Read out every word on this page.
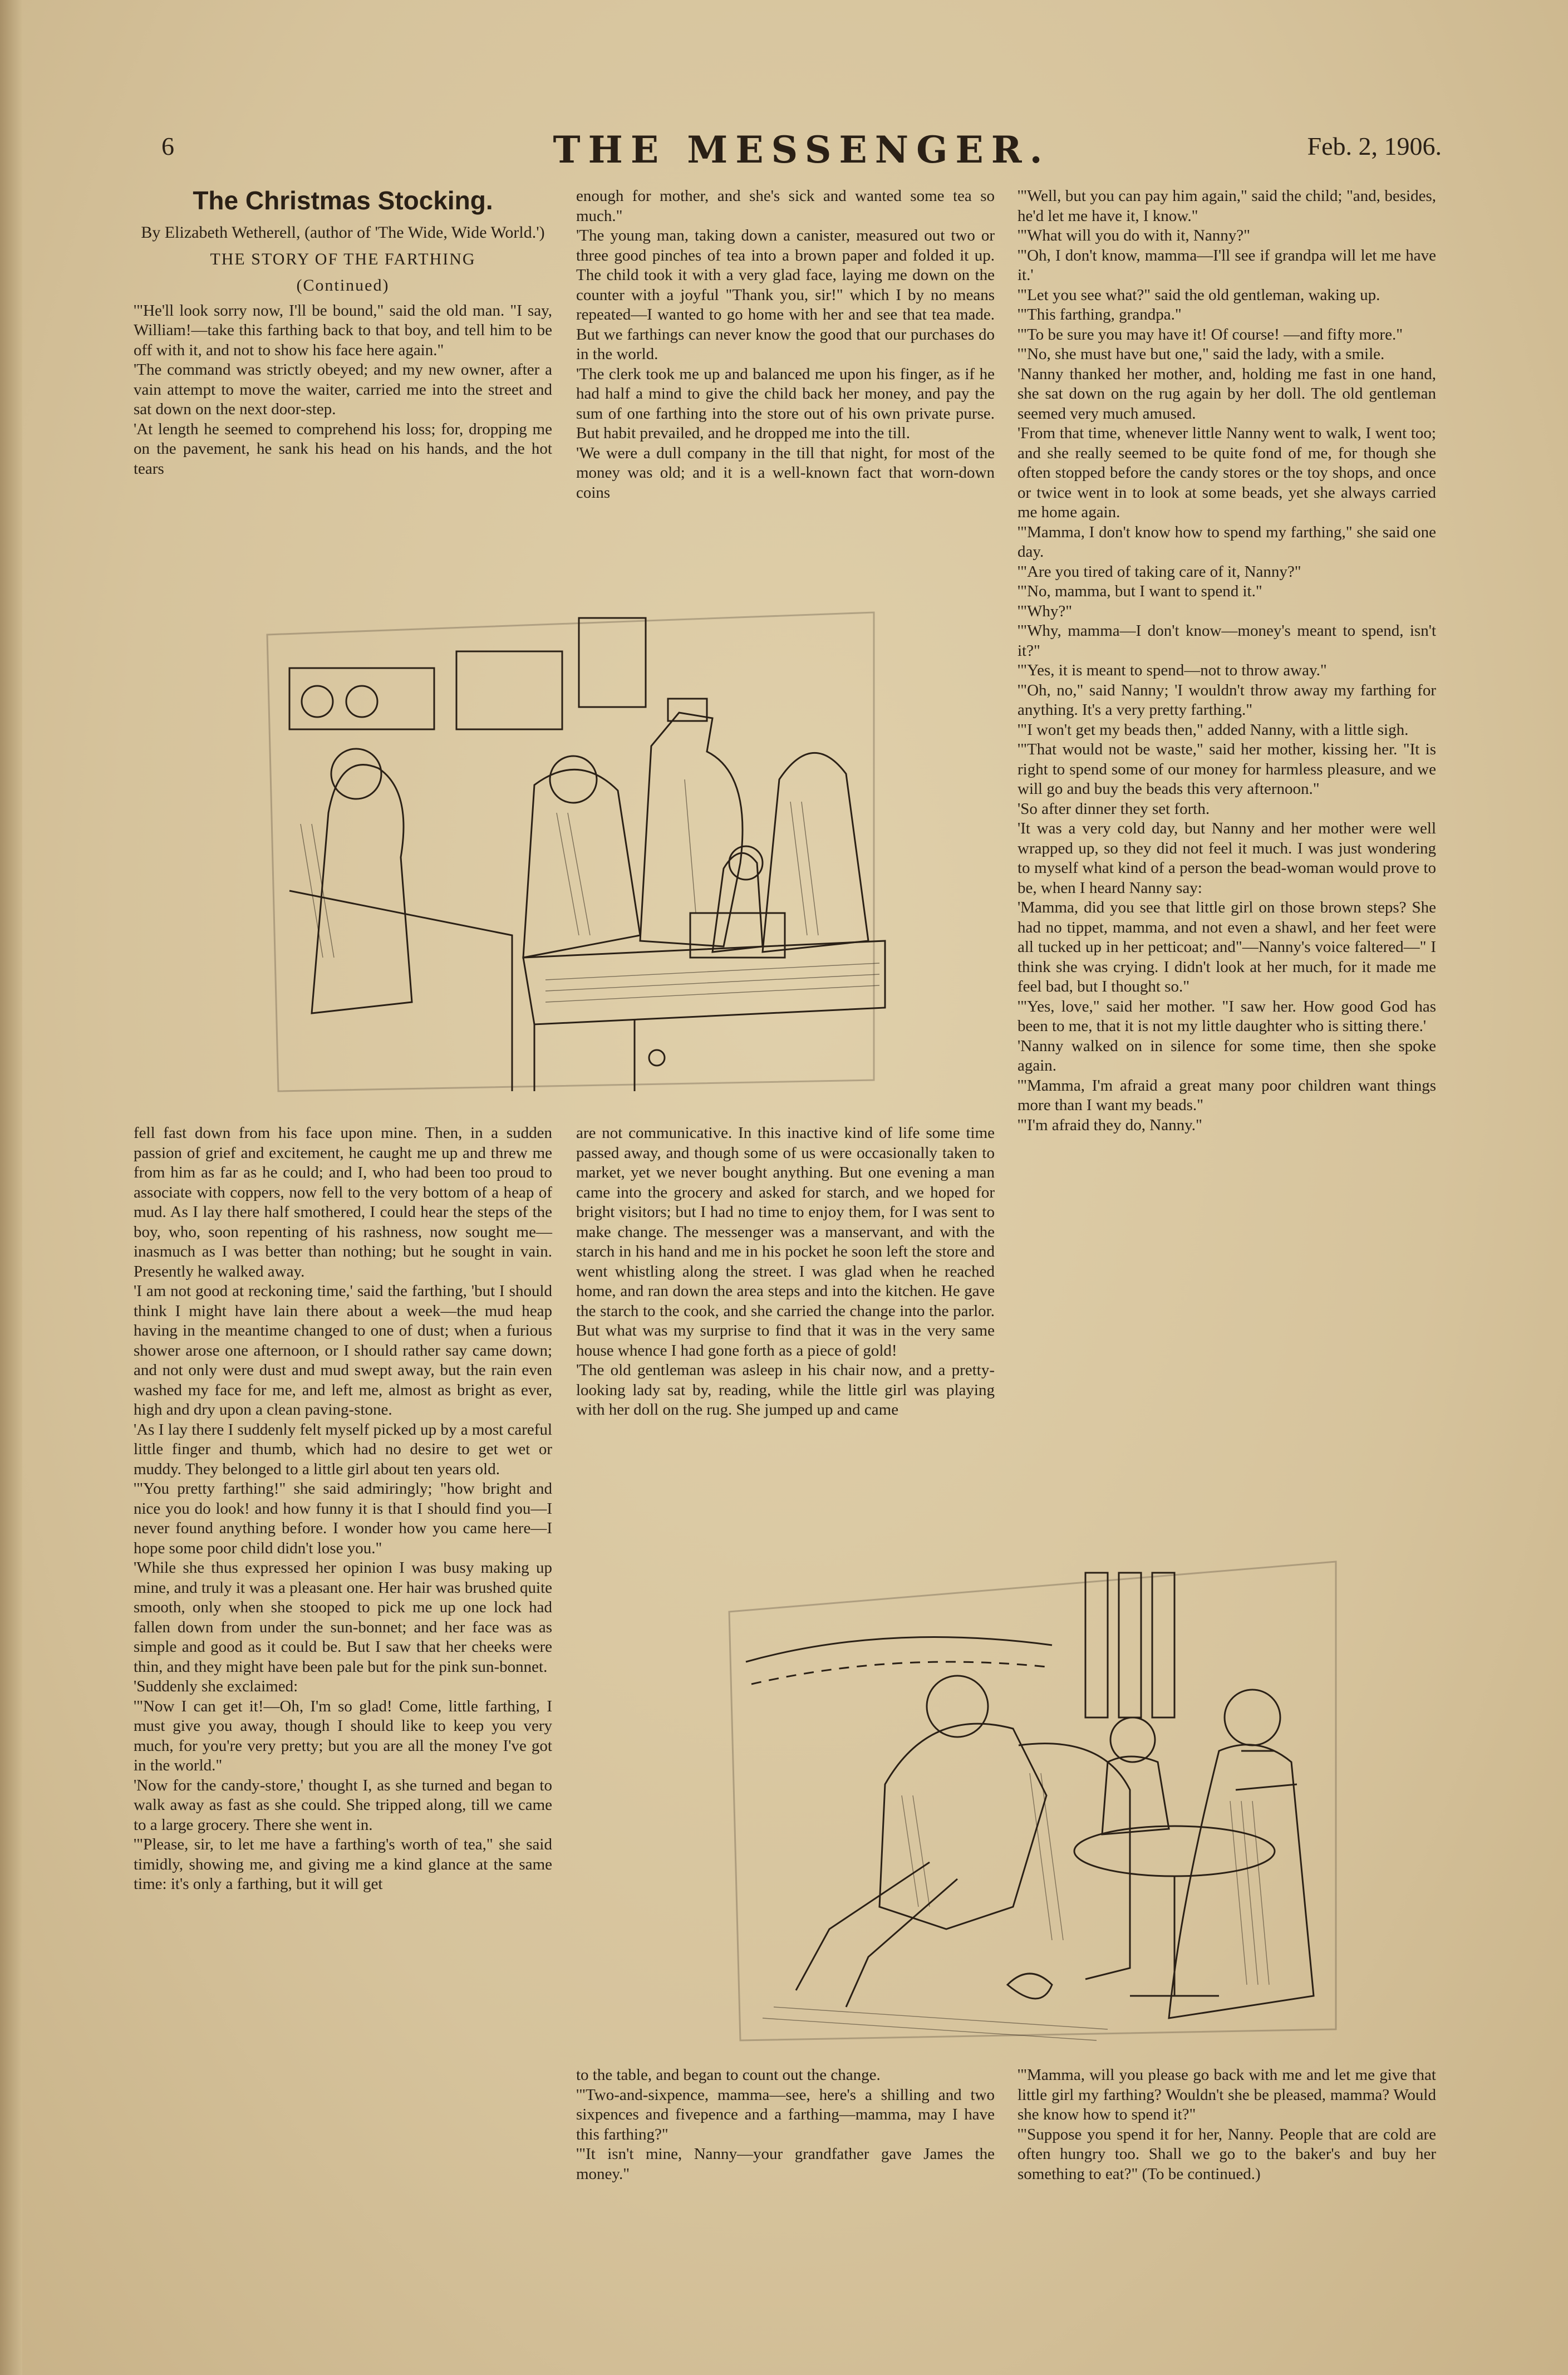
6	THE MESSENGER.	Feb. 2, 1906.

The Christmas Stocking.

By Elizabeth Wetherell, (author of 'The Wide, Wide World.')

THE STORY OF THE FARTHING

(Continued)

'"He'll look sorry now, I'll be bound," said the old man. "I say, William!—take this farthing back to that boy, and tell him to be off with it, and not to show his face here again."

'The command was strictly obeyed; and my new owner, after a vain attempt to move the waiter, carried me into the street and sat down on the next door-step.

'At length he seemed to comprehend his loss; for, dropping me on the pavement, he sank his head on his hands, and the hot tears

enough for mother, and she's sick and wanted some tea so much."

'The young man, taking down a canister, measured out two or three good pinches of tea into a brown paper and folded it up. The child took it with a very glad face, laying me down on the counter with a joyful "Thank you, sir!" which I by no means repeated—I wanted to go home with her and see that tea made. But we farthings can never know the good that our purchases do in the world.

'The clerk took me up and balanced me upon his finger, as if he had half a mind to give the child back her money, and pay the sum of one farthing into the store out of his own private purse. But habit prevailed, and he dropped me into the till.

'We were a dull company in the till that night, for most of the money was old; and it is a well-known fact that worn-down coins

fell fast down from his face upon mine. Then, in a sudden passion of grief and excitement, he caught me up and threw me from him as far as he could; and I, who had been too proud to associate with coppers, now fell to the very bottom of a heap of mud. As I lay there half smothered, I could hear the steps of the boy, who, soon repenting of his rashness, now sought me—inasmuch as I was better than nothing; but he sought in vain. Presently he walked away.

'I am not good at reckoning time,' said the farthing, 'but I should think I might have lain there about a week—the mud heap having in the meantime changed to one of dust; when a furious shower arose one afternoon, or I should rather say came down; and not only were dust and mud swept away, but the rain even washed my face for me, and left me, almost as bright as ever, high and dry upon a clean paving-stone.

'As I lay there I suddenly felt myself picked up by a most careful little finger and thumb, which had no desire to get wet or muddy. They belonged to a little girl about ten years old.

'"You pretty farthing!" she said admiringly; "how bright and nice you do look! and how funny it is that I should find you—I never found anything before. I wonder how you came here—I hope some poor child didn't lose you."

'While she thus expressed her opinion I was busy making up mine, and truly it was a pleasant one. Her hair was brushed quite smooth, only when she stooped to pick me up one lock had fallen down from under the sun-bonnet; and her face was as simple and good as it could be. But I saw that her cheeks were thin, and they might have been pale but for the pink sun-bonnet.

'Suddenly she exclaimed:

'"Now I can get it!—Oh, I'm so glad! Come, little farthing, I must give you away, though I should like to keep you very much, for you're very pretty; but you are all the money I've got in the world."

'Now for the candy-store,' thought I, as she turned and began to walk away as fast as she could. She tripped along, till we came to a large grocery. There she went in.

'"Please, sir, to let me have a farthing's worth of tea," she said timidly, showing me, and giving me a kind glance at the same time: it's only a farthing, but it will get

are not communicative. In this inactive kind of life some time passed away, and though some of us were occasionally taken to market, yet we never bought anything. But one evening a man came into the grocery and asked for starch, and we hoped for bright visitors; but I had no time to enjoy them, for I was sent to make change. The messenger was a manservant, and with the starch in his hand and me in his pocket he soon left the store and went whistling along the street. I was glad when he reached home, and ran down the area steps and into the kitchen. He gave the starch to the cook, and she carried the change into the parlor. But what was my surprise to find that it was in the very same house whence I had gone forth as a piece of gold!

'The old gentleman was asleep in his chair now, and a pretty-looking lady sat by, reading, while the little girl was playing with her doll on the rug. She jumped up and came

'"Well, but you can pay him again," said the child; "and, besides, he'd let me have it, I know."

'"What will you do with it, Nanny?"

'"Oh, I don't know, mamma—I'll see if grandpa will let me have it.'

'"Let you see what?" said the old gentleman, waking up.

'"This farthing, grandpa."

'"To be sure you may have it! Of course! —and fifty more."

'"No, she must have but one," said the lady, with a smile.

'Nanny thanked her mother, and, holding me fast in one hand, she sat down on the rug again by her doll. The old gentleman seemed very much amused.

'From that time, whenever little Nanny went to walk, I went too; and she really seemed to be quite fond of me, for though she often stopped before the candy stores or the toy shops, and once or twice went in to look at some beads, yet she always carried me home again.

'"Mamma, I don't know how to spend my farthing," she said one day.

'"Are you tired of taking care of it, Nanny?"

'"No, mamma, but I want to spend it."

'"Why?"

'"Why, mamma—I don't know—money's meant to spend, isn't it?"

'"Yes, it is meant to spend—not to throw away."

'"Oh, no," said Nanny; 'I wouldn't throw away my farthing for anything. It's a very pretty farthing."

'"I won't get my beads then," added Nanny, with a little sigh.

'"That would not be waste," said her mother, kissing her. "It is right to spend some of our money for harmless pleasure, and we will go and buy the beads this very afternoon."

'So after dinner they set forth.

'It was a very cold day, but Nanny and her mother were well wrapped up, so they did not feel it much. I was just wondering to myself what kind of a person the bead-woman would prove to be, when I heard Nanny say:

'Mamma, did you see that little girl on those brown steps? She had no tippet, mamma, and not even a shawl, and her feet were all tucked up in her petticoat; and"—Nanny's voice faltered—" I think she was crying. I didn't look at her much, for it made me feel bad, but I thought so."

'"Yes, love," said her mother. "I saw her. How good God has been to me, that it is not my little daughter who is sitting there.'

'Nanny walked on in silence for some time, then she spoke again.

'"Mamma, I'm afraid a great many poor children want things more than I want my beads."

'"I'm afraid they do, Nanny."

to the table, and began to count out the change.

'"Two-and-sixpence, mamma—see, here's a shilling and two sixpences and fivepence and a farthing—mamma, may I have this farthing?"

'"It isn't mine, Nanny—your grandfather gave James the money."

'"Mamma, will you please go back with me and let me give that little girl my farthing? Wouldn't she be pleased, mamma? Would she know how to spend it?"

'"Suppose you spend it for her, Nanny. People that are cold are often hungry too. Shall we go to the baker's and buy her something to eat?" (To be continued.)
